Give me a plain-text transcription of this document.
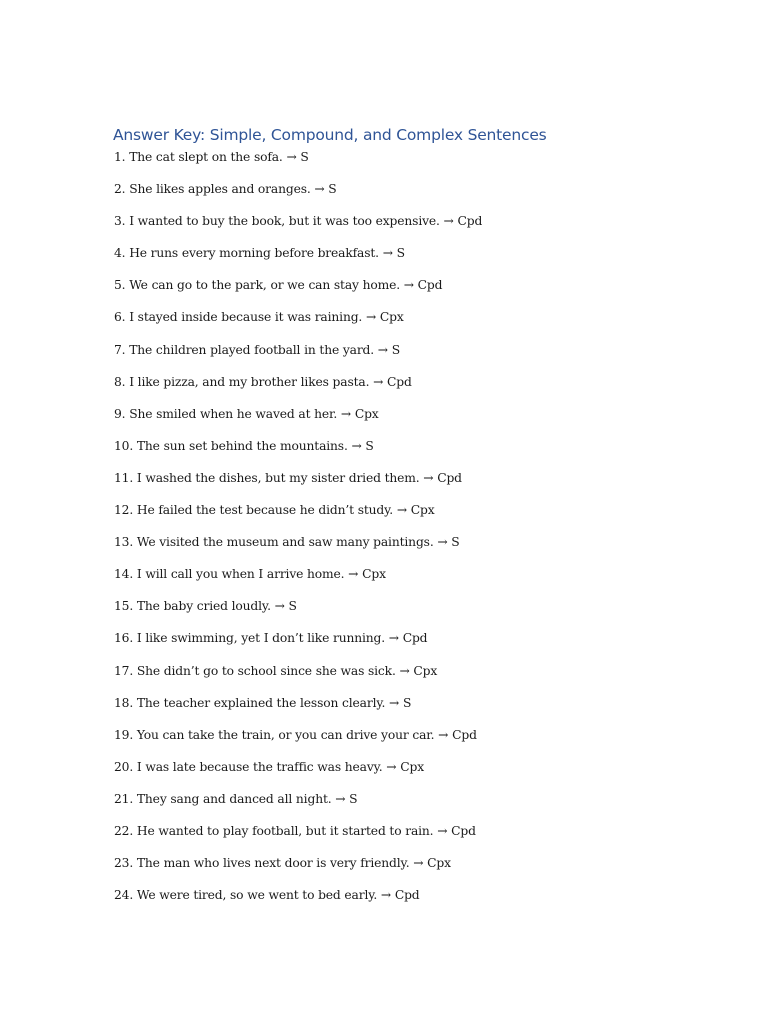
Answer Key: Simple, Compound, and Complex Sentences
1. The cat slept on the sofa. → S
2. She likes apples and oranges. → S
3. I wanted to buy the book, but it was too expensive. → Cpd
4. He runs every morning before breakfast. → S
5. We can go to the park, or we can stay home. → Cpd
6. I stayed inside because it was raining. → Cpx
7. The children played football in the yard. → S
8. I like pizza, and my brother likes pasta. → Cpd
9. She smiled when he waved at her. → Cpx
10. The sun set behind the mountains. → S
11. I washed the dishes, but my sister dried them. → Cpd
12. He failed the test because he didn’t study. → Cpx
13. We visited the museum and saw many paintings. → S
14. I will call you when I arrive home. → Cpx
15. The baby cried loudly. → S
16. I like swimming, yet I don’t like running. → Cpd
17. She didn’t go to school since she was sick. → Cpx
18. The teacher explained the lesson clearly. → S
19. You can take the train, or you can drive your car. → Cpd
20. I was late because the traffic was heavy. → Cpx
21. They sang and danced all night. → S
22. He wanted to play football, but it started to rain. → Cpd
23. The man who lives next door is very friendly. → Cpx
24. We were tired, so we went to bed early. → Cpd
